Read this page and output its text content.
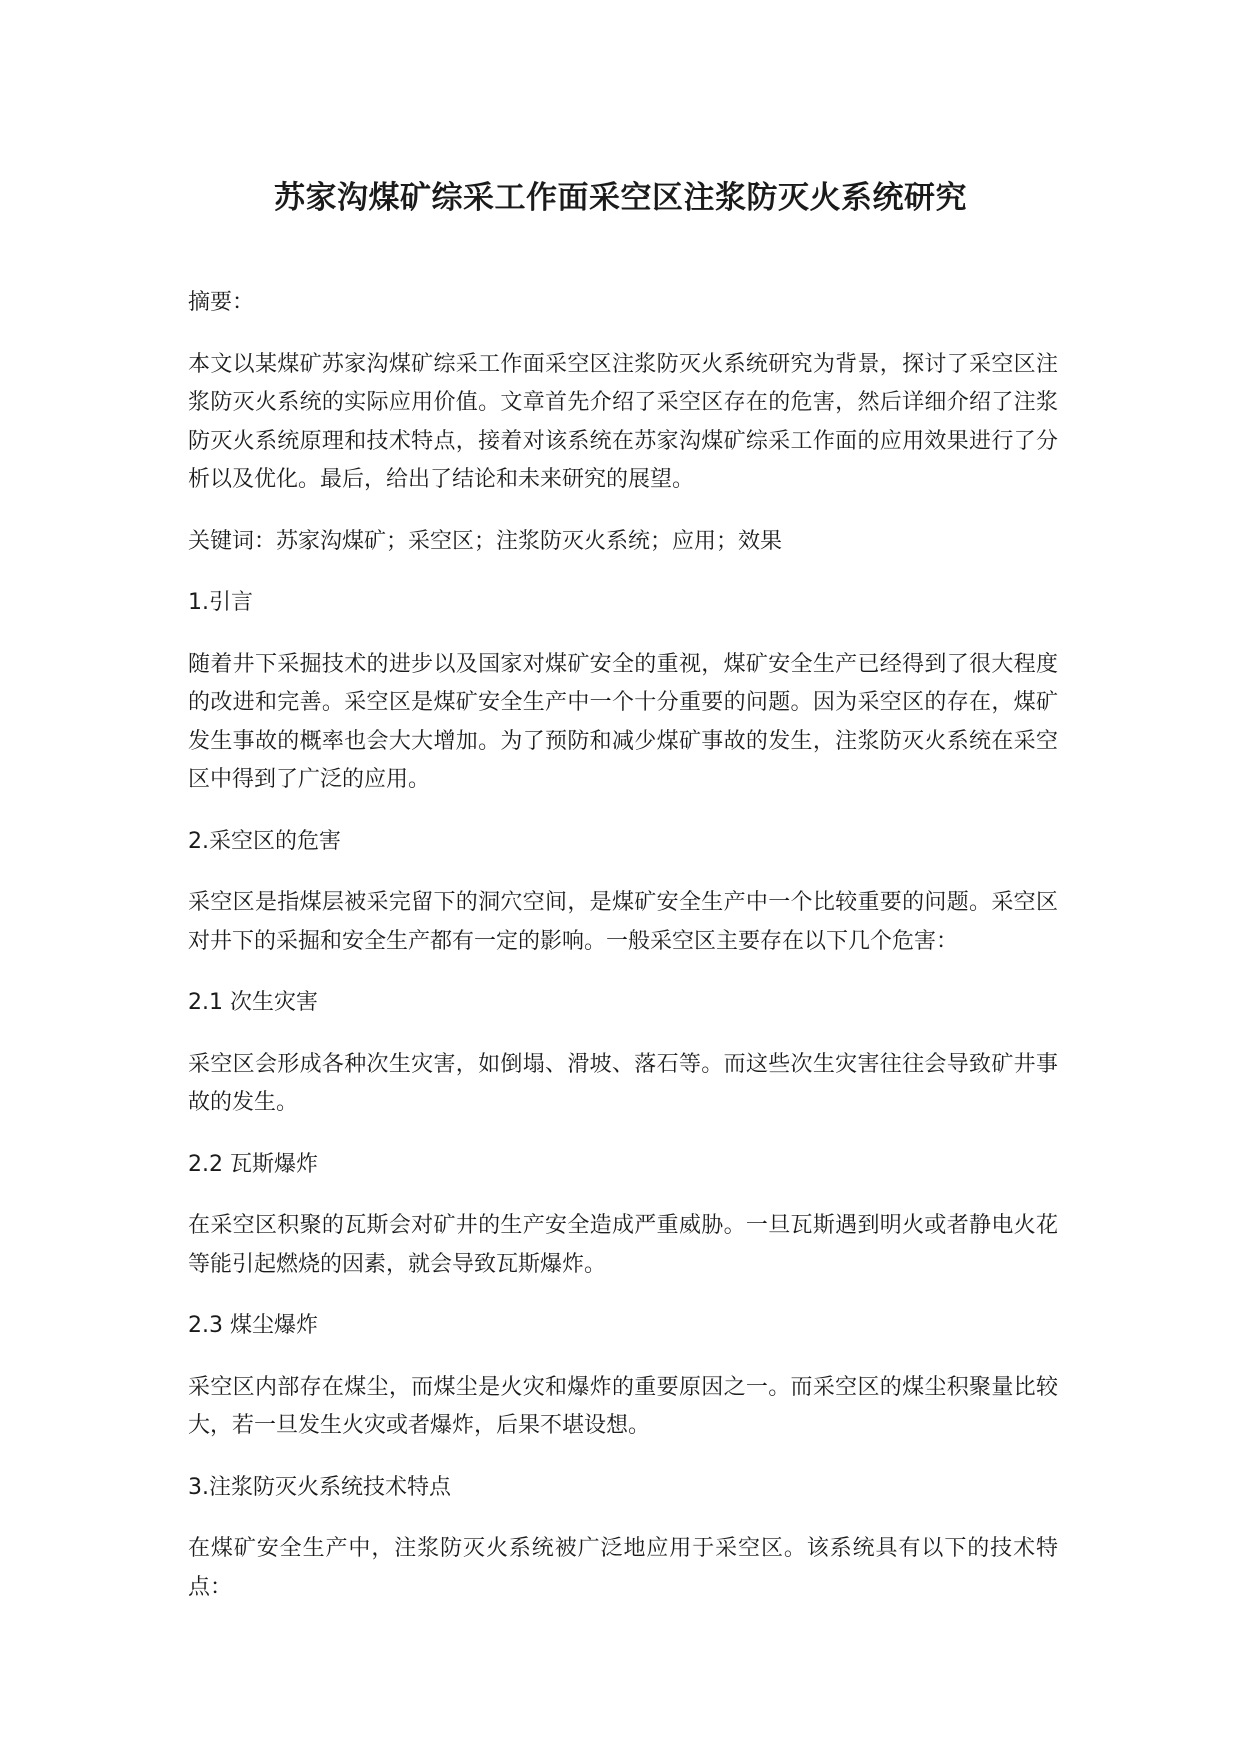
苏家沟煤矿综采工作面采空区注浆防灭火系统研究

摘要：

本文以某煤矿苏家沟煤矿综采工作面采空区注浆防灭火系统研究为背景，探讨了采空区注浆防灭火系统的实际应用价值。文章首先介绍了采空区存在的危害，然后详细介绍了注浆防灭火系统原理和技术特点，接着对该系统在苏家沟煤矿综采工作面的应用效果进行了分析以及优化。最后，给出了结论和未来研究的展望。

关键词：苏家沟煤矿；采空区；注浆防灭火系统；应用；效果

1.引言

随着井下采掘技术的进步以及国家对煤矿安全的重视，煤矿安全生产已经得到了很大程度的改进和完善。采空区是煤矿安全生产中一个十分重要的问题。因为采空区的存在，煤矿发生事故的概率也会大大增加。为了预防和减少煤矿事故的发生，注浆防灭火系统在采空区中得到了广泛的应用。

2.采空区的危害

采空区是指煤层被采完留下的洞穴空间，是煤矿安全生产中一个比较重要的问题。采空区对井下的采掘和安全生产都有一定的影响。一般采空区主要存在以下几个危害：

2.1 次生灾害

采空区会形成各种次生灾害，如倒塌、滑坡、落石等。而这些次生灾害往往会导致矿井事故的发生。

2.2 瓦斯爆炸

在采空区积聚的瓦斯会对矿井的生产安全造成严重威胁。一旦瓦斯遇到明火或者静电火花等能引起燃烧的因素，就会导致瓦斯爆炸。

2.3 煤尘爆炸

采空区内部存在煤尘，而煤尘是火灾和爆炸的重要原因之一。而采空区的煤尘积聚量比较大，若一旦发生火灾或者爆炸，后果不堪设想。

3.注浆防灭火系统技术特点

在煤矿安全生产中，注浆防灭火系统被广泛地应用于采空区。该系统具有以下的技术特点：
